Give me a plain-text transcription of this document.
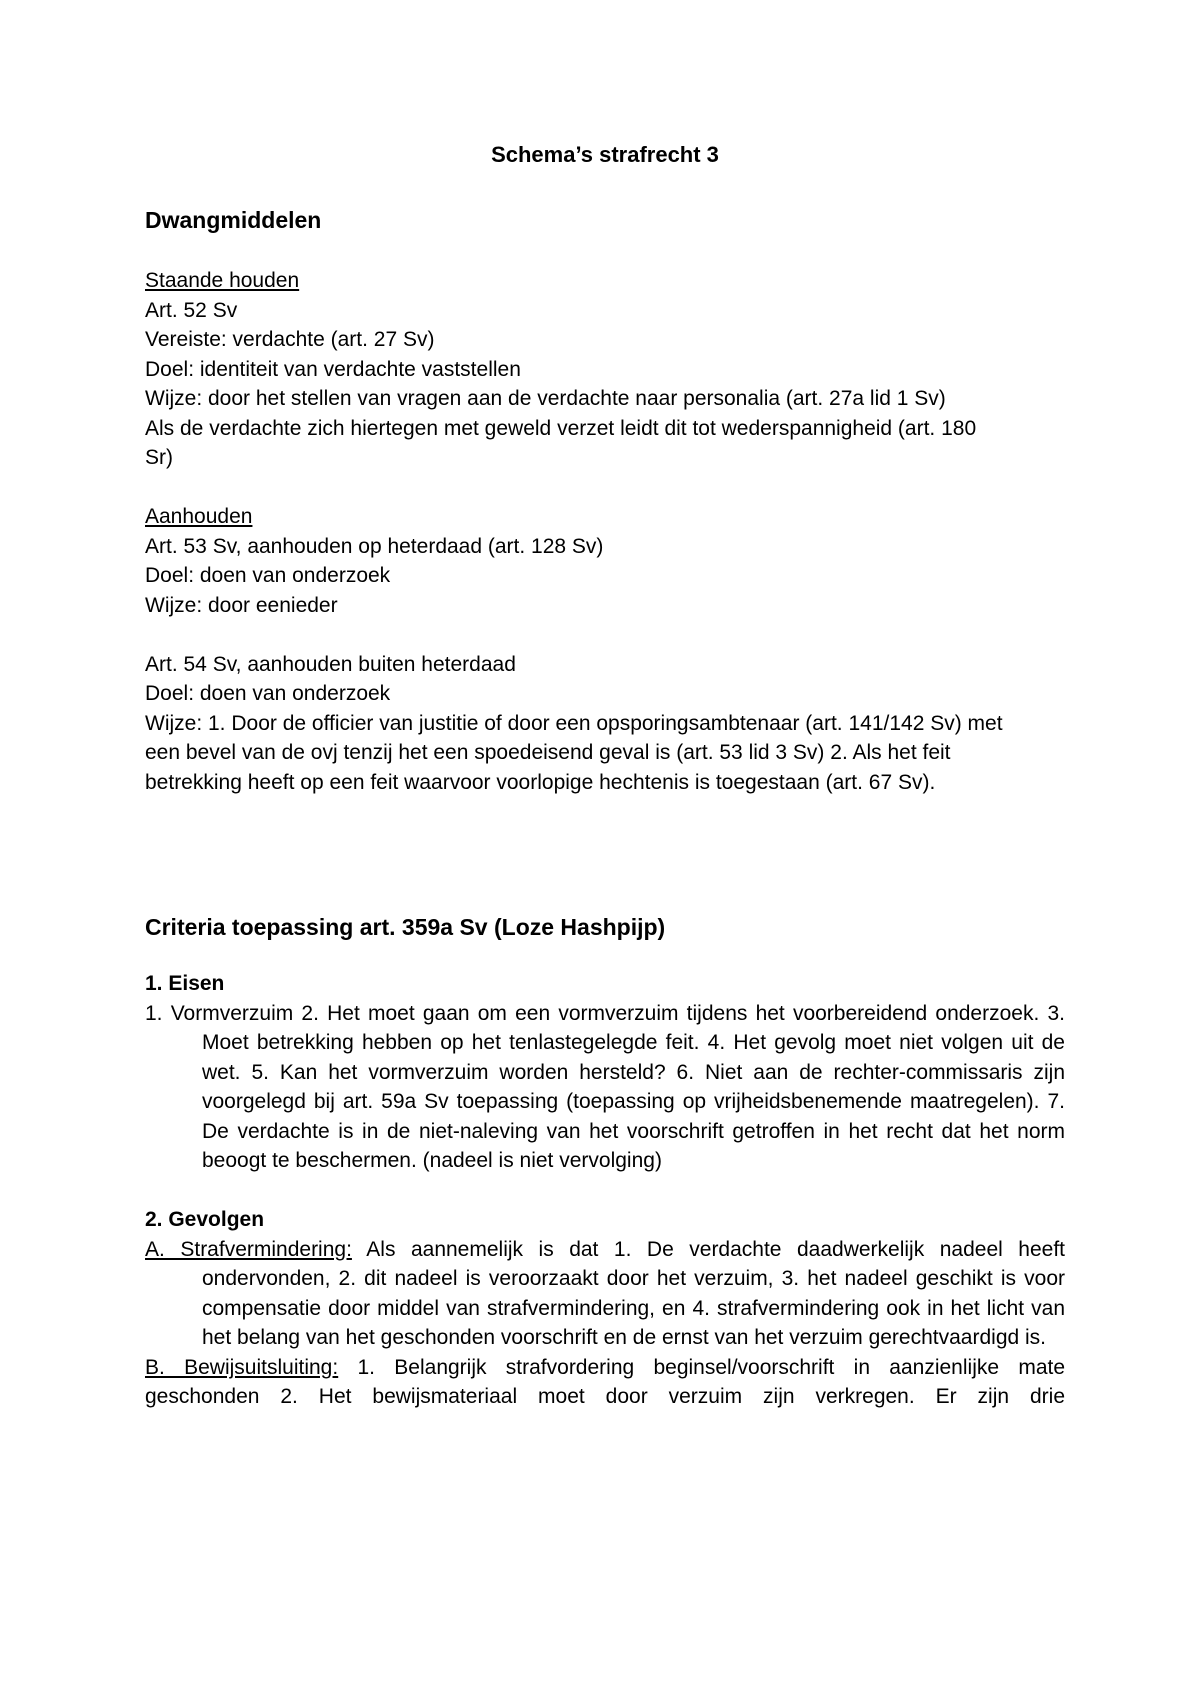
Schema’s strafrecht 3
Dwangmiddelen
Staande houden
Art. 52 Sv
Vereiste: verdachte (art. 27 Sv)
Doel: identiteit van verdachte vaststellen
Wijze: door het stellen van vragen aan de verdachte naar personalia (art. 27a lid 1 Sv)
Als de verdachte zich hiertegen met geweld verzet leidt dit tot wederspannigheid (art. 180
Sr)
Aanhouden
Art. 53 Sv, aanhouden op heterdaad (art. 128 Sv)
Doel: doen van onderzoek
Wijze: door eenieder
Art. 54 Sv, aanhouden buiten heterdaad
Doel: doen van onderzoek
Wijze: 1. Door de officier van justitie of door een opsporingsambtenaar (art. 141/142 Sv) met
een bevel van de ovj tenzij het een spoedeisend geval is (art. 53 lid 3 Sv) 2. Als het feit
betrekking heeft op een feit waarvoor voorlopige hechtenis is toegestaan (art. 67 Sv).
Criteria toepassing art. 359a Sv (Loze Hashpijp)
1. Eisen
1. Vormverzuim 2. Het moet gaan om een vormverzuim tijdens het voorbereidend onderzoek. 3. Moet betrekking hebben op het tenlastegelegde feit. 4. Het gevolg moet niet volgen uit de wet. 5. Kan het vormverzuim worden hersteld? 6. Niet aan de rechter-commissaris zijn voorgelegd bij art. 59a Sv toepassing (toepassing op vrijheidsbenemende maatregelen). 7. De verdachte is in de niet-naleving van het voorschrift getroffen in het recht dat het norm beoogt te beschermen. (nadeel is niet vervolging)
2. Gevolgen
A. Strafvermindering: Als aannemelijk is dat 1. De verdachte daadwerkelijk nadeel heeft ondervonden, 2. dit nadeel is veroorzaakt door het verzuim, 3. het nadeel geschikt is voor compensatie door middel van strafvermindering, en 4. strafvermindering ook in het licht van het belang van het geschonden voorschrift en de ernst van het verzuim gerechtvaardigd is.
B. Bewijsuitsluiting: 1. Belangrijk strafvordering beginsel/voorschrift in aanzienlijke mate geschonden 2. Het bewijsmateriaal moet door verzuim zijn verkregen. Er zijn drie
